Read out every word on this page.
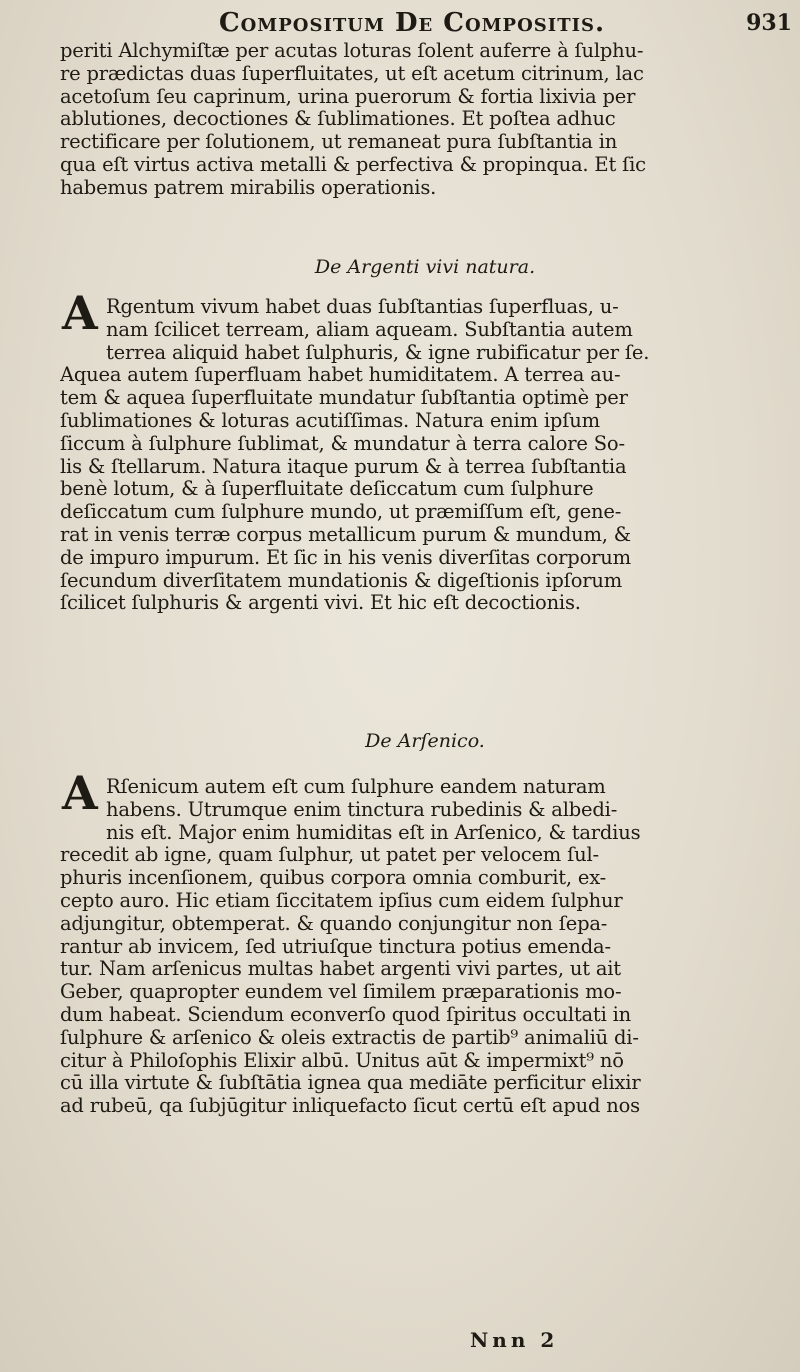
Compositum De Compositis.	931
periti Alchymiſtæ per acutas loturas ſolent auferre à ſulphu-
re prædictas duas ſuperfluitates, ut eſt acetum citrinum, lac
acetoſum ſeu caprinum, urina puerorum & fortia lixivia per
ablutiones, decoctiones & ſublimationes. Et poſtea adhuc
rectificare per ſolutionem, ut remaneat pura ſubſtantia in
qua eſt virtus activa metalli & perfectiva & propinqua. Et ſic
habemus patrem mirabilis operationis.
De Argenti vivi natura.
A Rgentum vivum habet duas ſubſtantias ſuperfluas, u-
nam ſcilicet terream, aliam aqueam. Subſtantia autem
terrea aliquid habet ſulphuris, & igne rubificatur per ſe.
Aquea autem ſuperfluam habet humiditatem. A terrea au-
tem & aquea ſuperfluitate mundatur ſubſtantia optimè per
ſublimationes & loturas acutiſſimas. Natura enim ipſum
ſiccum à ſulphure ſublimat, & mundatur à terra calore So-
lis & ſtellarum. Natura itaque purum & à terrea ſubſtantia
benè lotum, & à ſuperfluitate deſiccatum cum ſulphure
deſiccatum cum ſulphure mundo, ut præmiſſum eſt, gene-
rat in venis terræ corpus metallicum purum & mundum, &
de impuro impurum. Et ſic in his venis diverſitas corporum
ſecundum diverſitatem mundationis & digeſtionis ipſorum
ſcilicet ſulphuris & argenti vivi. Et hic eſt decoctionis.
De Arſenico.
A Rſenicum autem eſt cum ſulphure eandem naturam
habens. Utrumque enim tinctura rubedinis & albedi-
nis eſt. Major enim humiditas eſt in Arſenico, & tardius
recedit ab igne, quam ſulphur, ut patet per velocem ſul-
phuris incenſionem, quibus corpora omnia comburit, ex-
cepto auro. Hic etiam ſiccitatem ipſius cum eidem ſulphur
adjungitur, obtemperat. & quando conjungitur non ſepa-
rantur ab invicem, ſed utriuſque tinctura potius emenda-
tur. Nam arſenicus multas habet argenti vivi partes, ut ait
Geber, quapropter eundem vel ſimilem præparationis mo-
dum habeat. Sciendum econverſo quod ſpiritus occultati in
ſulphure & arſenico & oleis extractis de partib⁹ animaliū di-
citur à Philoſophis Elixir albū. Unitus aūt & impermixt⁹ nō
cū illa virtute & ſubſtātia ignea qua mediāte perficitur elixir
ad rubeū, qa ſubjūgitur inliquefacto ſicut certū eſt apud nos
Nnn 2
